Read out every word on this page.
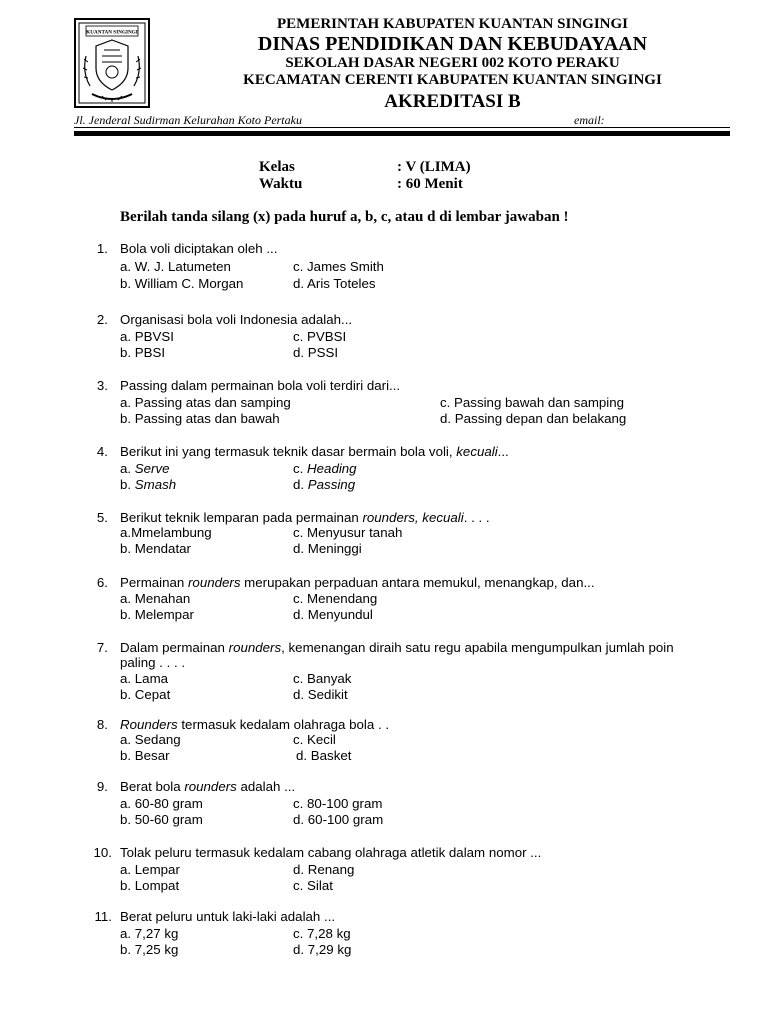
KUANTAN SINGINGI
PEMERINTAH KABUPATEN KUANTAN SINGINGI
DINAS PENDIDIKAN DAN KEBUDAYAAN
SEKOLAH DASAR NEGERI 002 KOTO PERAKU
KECAMATAN CERENTI KABUPATEN KUANTAN SINGINGI
AKREDITASI B
Jl. Jenderal Sudirman Kelurahan Koto Pertaku	email:
Kelas	: V (LIMA)
Waktu	: 60 Menit
Berilah tanda silang (x) pada huruf a, b, c, atau d di lembar jawaban !
1. Bola voli diciptakan oleh ...
a. W. J. Latumeten	c. James Smith
b. William C. Morgan	d. Aris Toteles
2. Organisasi bola voli Indonesia adalah...
a. PBVSI	c. PVBSI
b. PBSI	d. PSSI
3. Passing dalam permainan bola voli terdiri dari...
a. Passing atas dan samping	c. Passing bawah dan samping
b. Passing atas dan bawah	d. Passing depan dan belakang
4. Berikut ini yang termasuk teknik dasar bermain bola voli, kecuali...
a. Serve	c. Heading
b. Smash	d. Passing
5. Berikut teknik lemparan pada permainan rounders, kecuali. . . .
a.Mmelambung	c. Menyusur tanah
b. Mendatar	d. Meninggi
6. Permainan rounders merupakan perpaduan antara memukul, menangkap, dan...
a. Menahan	c. Menendang
b. Melempar	d. Menyundul
7. Dalam permainan rounders, kemenangan diraih satu regu apabila mengumpulkan jumlah poin
paling . . . .
a. Lama	c. Banyak
b. Cepat	d. Sedikit
8. Rounders termasuk kedalam olahraga bola . .
a. Sedang	c. Kecil
b. Besar	d. Basket
9. Berat bola rounders adalah ...
a. 60-80 gram	c. 80-100 gram
b. 50-60 gram	d. 60-100 gram
10. Tolak peluru termasuk kedalam cabang olahraga atletik dalam nomor ...
a. Lempar	d. Renang
b. Lompat	c. Silat
11. Berat peluru untuk laki-laki adalah ...
a. 7,27 kg	c. 7,28 kg
b. 7,25 kg	d. 7,29 kg
